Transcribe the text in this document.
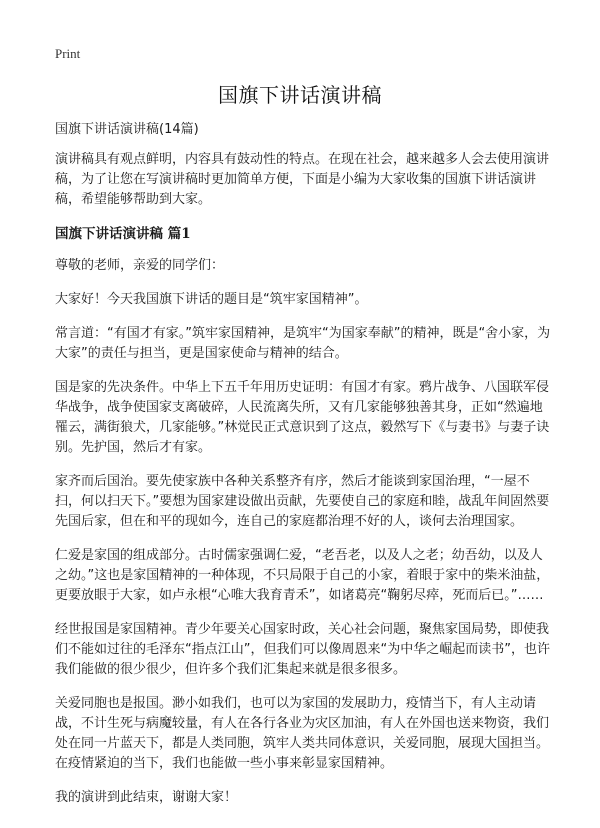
Print
国旗下讲话演讲稿

国旗下讲话演讲稿(14篇)

演讲稿具有观点鲜明，内容具有鼓动性的特点。在现在社会，越来越多人会去使用演讲稿，为了让您在写演讲稿时更加简单方便，下面是小编为大家收集的国旗下讲话演讲稿，希望能够帮助到大家。

国旗下讲话演讲稿 篇1

尊敬的老师，亲爱的同学们：

大家好！今天我国旗下讲话的题目是“筑牢家国精神”。

常言道：“有国才有家。”筑牢家国精神，是筑牢“为国家奉献”的精神，既是“舍小家，为大家”的责任与担当，更是国家使命与精神的结合。

国是家的先决条件。中华上下五千年用历史证明：有国才有家。鸦片战争、八国联军侵华战争，战争使国家支离破碎，人民流离失所，又有几家能够独善其身，正如“然遍地罹云，满街狼犬，几家能够。”林觉民正式意识到了这点，毅然写下《与妻书》与妻子诀别。先护国，然后才有家。

家齐而后国治。要先使家族中各种关系整齐有序，然后才能谈到家国治理，“一屋不扫，何以扫天下。”要想为国家建设做出贡献，先要使自己的家庭和睦，战乱年间固然要先国后家，但在和平的现如今，连自己的家庭都治理不好的人，谈何去治理国家。

仁爱是家国的组成部分。古时儒家强调仁爱，“老吾老，以及人之老；幼吾幼，以及人之幼。”这也是家国精神的一种体现，不只局限于自己的小家，着眼于家中的柴米油盐，更要放眼于大家，如卢永根“心唯大我育青禾”，如诸葛亮“鞠躬尽瘁，死而后已。”……

经世报国是家国精神。青少年要关心国家时政，关心社会问题，聚焦家国局势，即使我们不能如过往的毛泽东“指点江山”，但我们可以像周恩来“为中华之崛起而读书”，也许我们能做的很少很少，但许多个我们汇集起来就是很多很多。

关爱同胞也是报国。渺小如我们，也可以为家国的发展助力，疫情当下，有人主动请战，不计生死与病魔较量，有人在各行各业为灾区加油，有人在外国也送来物资，我们处在同一片蓝天下，都是人类同胞，筑牢人类共同体意识，关爱同胞，展现大国担当。在疫情紧迫的当下，我们也能做一些小事来彰显家国精神。

我的演讲到此结束，谢谢大家！
